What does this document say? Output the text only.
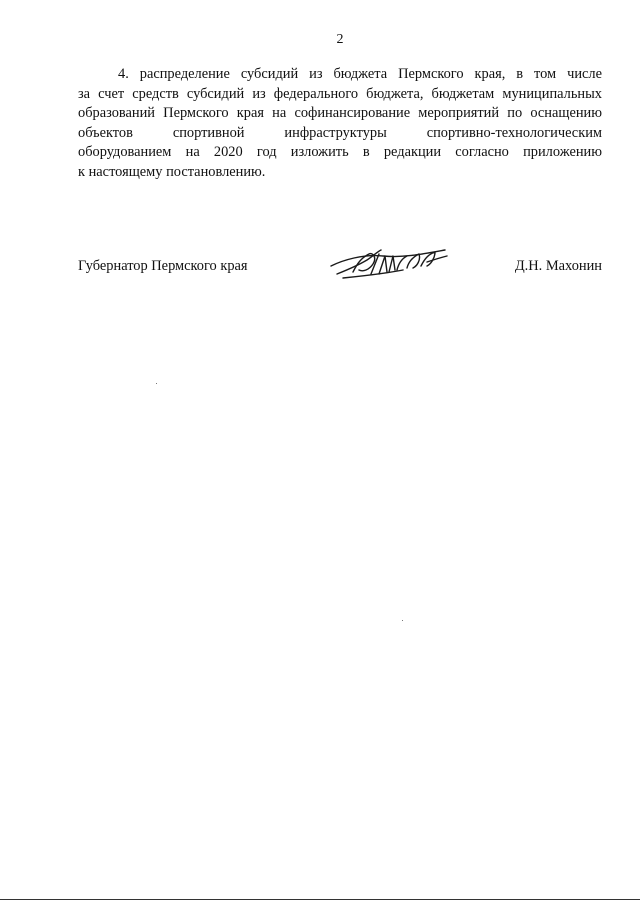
2
4. распределение субсидий из бюджета Пермского края, в том числе
за счет средств субсидий из федерального бюджета, бюджетам муниципальных
образований Пермского края на софинансирование мероприятий по оснащению
объектов спортивной инфраструктуры спортивно-технологическим
оборудованием на 2020 год изложить в редакции согласно приложению
к настоящему постановлению.
Губернатор Пермского края	Д.Н. Махонин
